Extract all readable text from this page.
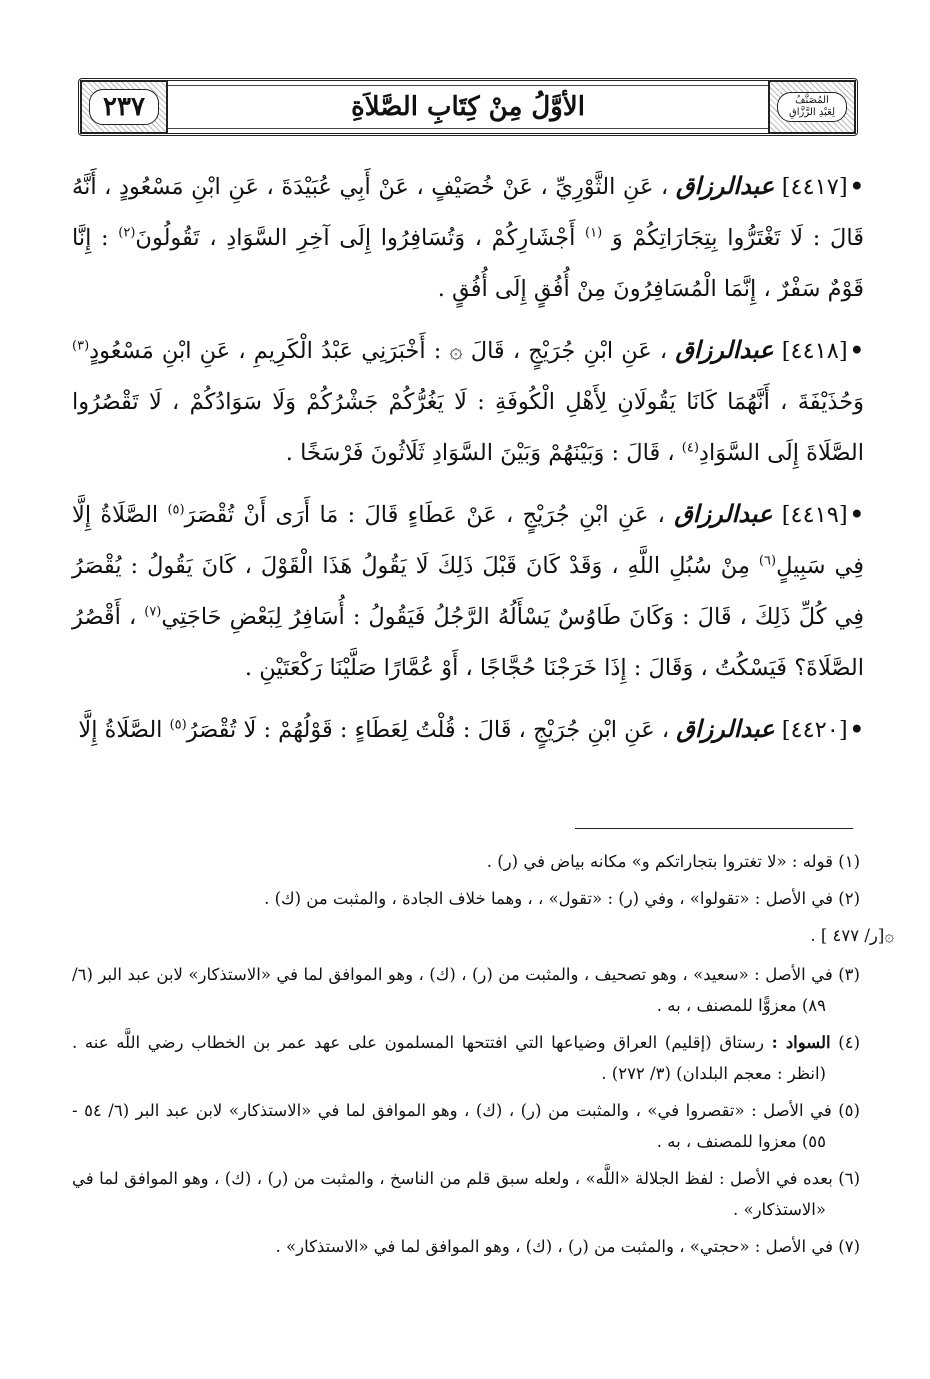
٢٣٧	الأوَّلُ مِنْ كِتَابِ الصَّلاَةِ	المُصَنَّفُ
لِعَبْدِ الرَّزَّاقِ

•[٤٤١٧] عبدالرزاق ، عَنِ الثَّوْرِيِّ ، عَنْ خُصَيْفٍ ، عَنْ أَبِي عُبَيْدَةَ ، عَنِ ابْنِ مَسْعُودٍ ، أَنَّهُ قَالَ : لَا تَغْتَرُّوا بِتِجَارَاتِكُمْ وَ $^{(١)}$ أَجْشَارِكُمْ ، وَتُسَافِرُوا إِلَى آخِرِ السَّوَادِ ، تَقُولُونَ$^{(٢)}$ : إِنَّا قَوْمٌ سَفْرٌ ، إِنَّمَا الْمُسَافِرُونَ مِنْ أُفُقٍ إِلَى أُفُقٍ .

•[٤٤١٨] عبدالرزاق ، عَنِ ابْنِ جُرَيْجٍ ، قَالَ ۞ : أَخْبَرَنِي عَبْدُ الْكَرِيمِ ، عَنِ ابْنِ مَسْعُودٍ$^{(٣)}$ وَحُذَيْفَةَ ، أَنَّهُمَا كَانَا يَقُولَانِ لِأَهْلِ الْكُوفَةِ : لَا يَغُرُّكُمْ جَشْرُكُمْ وَلَا سَوَادُكُمْ ، لَا تَقْصُرُوا الصَّلَاةَ إِلَى السَّوَادِ$^{(٤)}$ ، قَالَ : وَبَيْنَهُمْ وَبَيْنَ السَّوَادِ ثَلَاثُونَ فَرْسَخًا .

•[٤٤١٩] عبدالرزاق ، عَنِ ابْنِ جُرَيْجٍ ، عَنْ عَطَاءٍ قَالَ : مَا أَرَى أَنْ تُقْصَرَ$^{(٥)}$ الصَّلَاةُ إِلَّا فِي سَبِيلٍ$^{(٦)}$ مِنْ سُبُلِ اللَّهِ ، وَقَدْ كَانَ قَبْلَ ذَلِكَ لَا يَقُولُ هَذَا الْقَوْلَ ، كَانَ يَقُولُ : يُقْصَرُ فِي كُلِّ ذَلِكَ ، قَالَ : وَكَانَ طَاوُسٌ يَسْأَلُهُ الرَّجُلُ فَيَقُولُ : أُسَافِرُ لِبَعْضِ حَاجَتِي$^{(٧)}$ ، أَقْصُرُ الصَّلَاةَ؟ فَيَسْكُتُ ، وَقَالَ : إِذَا خَرَجْنَا حُجَّاجًا ، أَوْ عُمَّارًا صَلَّيْنَا رَكْعَتَيْنِ .

•[٤٤٢٠] عبدالرزاق ، عَنِ ابْنِ جُرَيْجٍ ، قَالَ : قُلْتُ لِعَطَاءٍ : قَوْلُهُمْ : لَا تُقْصَرُ$^{(٥)}$ الصَّلَاةُ إِلَّا

(١) قوله : «لا تغتروا بتجاراتكم و» مكانه بياض في (ر) .

(٢) في الأصل : «تقولوا» ، وفي (ر) : «تقول» ، ، وهما خلاف الجادة ، والمثبت من (ك) .

۞[ر/ ٤٧٧ ] .

(٣) في الأصل : «سعيد» ، وهو تصحيف ، والمثبت من (ر) ، (ك) ، وهو الموافق لما في «الاستذكار» لابن عبد البر (٦/ ٨٩) معزوًّا للمصنف ، به .

(٤) السواد : رستاق (إقليم) العراق وضياعها التي افتتحها المسلمون على عهد عمر بن الخطاب رضي اللَّه عنه . (انظر : معجم البلدان) (٣/ ٢٧٢) .

(٥) في الأصل : «تقصروا في» ، والمثبت من (ر) ، (ك) ، وهو الموافق لما في «الاستذكار» لابن عبد البر (٦/ ٥٤ - ٥٥) معزوا للمصنف ، به .

(٦) بعده في الأصل : لفظ الجلالة «اللَّه» ، ولعله سبق قلم من الناسخ ، والمثبت من (ر) ، (ك) ، وهو الموافق لما في «الاستذكار» .

(٧) في الأصل : «حجتي» ، والمثبت من (ر) ، (ك) ، وهو الموافق لما في «الاستذكار» .
